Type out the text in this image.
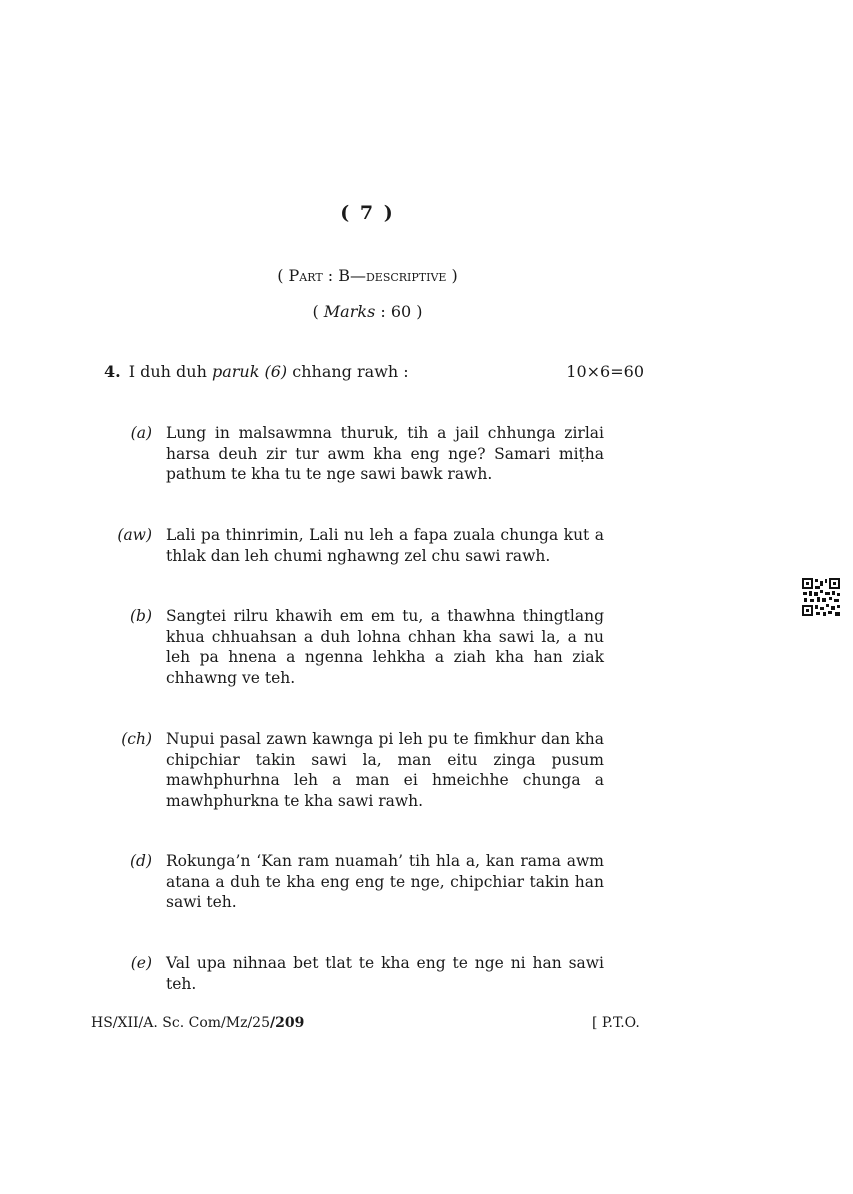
( 7 )
( Part : B—descriptive )
( Marks : 60 )
4. I duh duh paruk (6) chhang rawh :	10×6=60
(a) Lung in malsawmna thuruk, tih a jail chhunga zirlai harsa deuh zir tur awm kha eng nge? Samari miṭha pathum te kha tu te nge sawi bawk rawh.
(aw) Lali pa thinrimin, Lali nu leh a fapa zuala chunga kut a thlak dan leh chumi nghawng zel chu sawi rawh.
(b) Sangtei rilru khawih em em tu, a thawhna thingtlang khua chhuahsan a duh lohna chhan kha sawi la, a nu leh pa hnena a ngenna lehkha a ziah kha han ziak chhawng ve teh.
(ch) Nupui pasal zawn kawnga pi leh pu te fimkhur dan kha chipchiar takin sawi la, man eitu zinga pusum mawhphurhna leh a man ei hmeichhe chunga a mawhphurkna te kha sawi rawh.
(d) Rokunga’n ‘Kan ram nuamah’ tih hla a, kan rama awm atana a duh te kha eng eng te nge, chipchiar takin han sawi teh.
(e) Val upa nihnaa bet tlat te kha eng te nge ni han sawi teh.
HS/XII/A. Sc. Com/Mz/25/209	[ P.T.O.
